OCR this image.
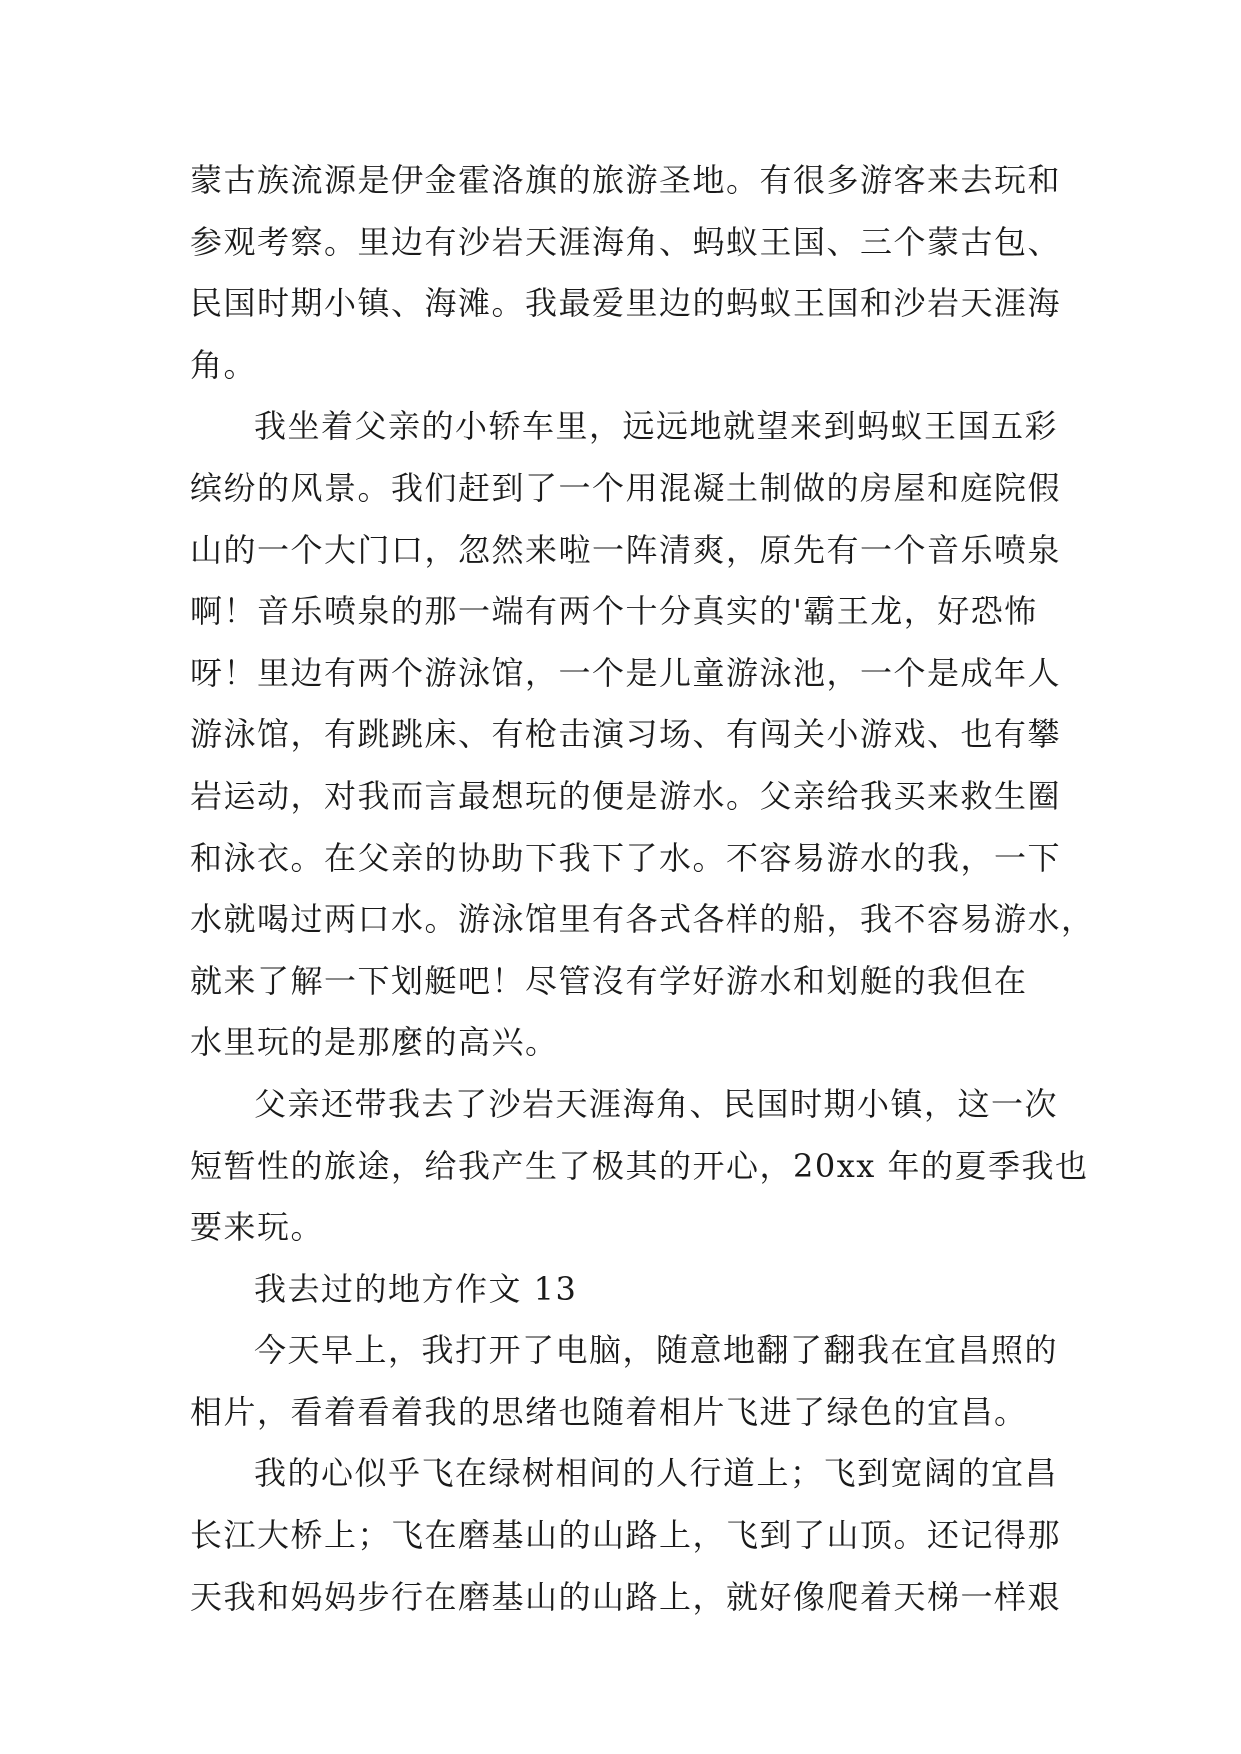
蒙古族流源是伊金霍洛旗的旅游圣地。有很多游客来去玩和
参观考察。里边有沙岩天涯海角、蚂蚁王国、三个蒙古包、
民国时期小镇、海滩。我最爱里边的蚂蚁王国和沙岩天涯海
角。
我坐着父亲的小轿车里，远远地就望来到蚂蚁王国五彩
缤纷的风景。我们赶到了一个用混凝土制做的房屋和庭院假
山的一个大门口，忽然来啦一阵清爽，原先有一个音乐喷泉
啊！音乐喷泉的那一端有两个十分真实的'霸王龙，好恐怖
呀！里边有两个游泳馆，一个是儿童游泳池，一个是成年人
游泳馆，有跳跳床、有枪击演习场、有闯关小游戏、也有攀
岩运动，对我而言最想玩的便是游水。父亲给我买来救生圈
和泳衣。在父亲的协助下我下了水。不容易游水的我，一下
水就喝过两口水。游泳馆里有各式各样的船，我不容易游水，
就来了解一下划艇吧！尽管沒有学好游水和划艇的我但在
水里玩的是那麼的高兴。
父亲还带我去了沙岩天涯海角、民国时期小镇，这一次
短暂性的旅途，给我产生了极其的开心，20xx 年的夏季我也
要来玩。
我去过的地方作文 13
今天早上，我打开了电脑，随意地翻了翻我在宜昌照的
相片，看着看着我的思绪也随着相片飞进了绿色的宜昌。
我的心似乎飞在绿树相间的人行道上；飞到宽阔的宜昌
长江大桥上；飞在磨基山的山路上，飞到了山顶。还记得那
天我和妈妈步行在磨基山的山路上，就好像爬着天梯一样艰
